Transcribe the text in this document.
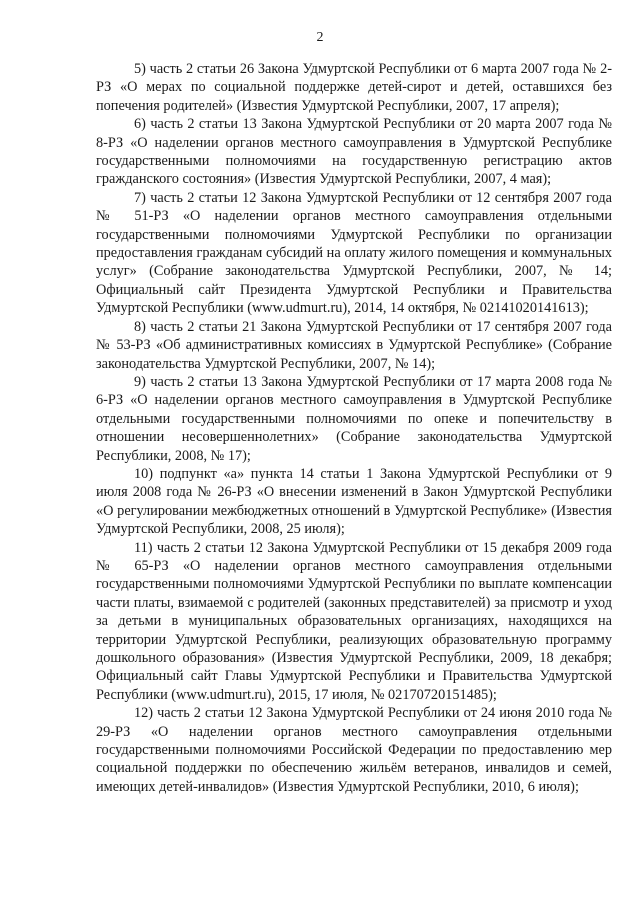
2

5) часть 2 статьи 26 Закона Удмуртской Республики от 6 марта 2007 года № 2-РЗ «О мерах по социальной поддержке детей-сирот и детей, оставшихся без попечения родителей» (Известия Удмуртской Республики, 2007, 17 апреля);

6) часть 2 статьи 13 Закона Удмуртской Республики от 20 марта 2007 года № 8-РЗ «О наделении органов местного самоуправления в Удмуртской Республике государственными полномочиями на государственную регистрацию актов гражданского состояния» (Известия Удмуртской Республики, 2007, 4 мая);

7) часть 2 статьи 12 Закона Удмуртской Республики от 12 сентября 2007 года № 51-РЗ «О наделении органов местного самоуправления отдельными государственными полномочиями Удмуртской Республики по организации предоставления гражданам субсидий на оплату жилого помещения и коммунальных услуг» (Собрание законодательства Удмуртской Республики, 2007, № 14; Официальный сайт Президента Удмуртской Республики и Правительства Удмуртской Республики (www.udmurt.ru), 2014, 14 октября, № 02141020141613);

8) часть 2 статьи 21 Закона Удмуртской Республики от 17 сентября 2007 года № 53-РЗ «Об административных комиссиях в Удмуртской Республике» (Собрание законодательства Удмуртской Республики, 2007, № 14);

9) часть 2 статьи 13 Закона Удмуртской Республики от 17 марта 2008 года № 6-РЗ «О наделении органов местного самоуправления в Удмуртской Республике отдельными государственными полномочиями по опеке и попечительству в отношении несовершеннолетних» (Собрание законодательства Удмуртской Республики, 2008, № 17);

10) подпункт «а» пункта 14 статьи 1 Закона Удмуртской Республики от 9 июля 2008 года № 26-РЗ «О внесении изменений в Закон Удмуртской Республики «О регулировании межбюджетных отношений в Удмуртской Республике» (Известия Удмуртской Республики, 2008, 25 июля);

11) часть 2 статьи 12 Закона Удмуртской Республики от 15 декабря 2009 года № 65-РЗ «О наделении органов местного самоуправления отдельными государственными полномочиями Удмуртской Республики по выплате компенсации части платы, взимаемой с родителей (законных представителей) за присмотр и уход за детьми в муниципальных образовательных организациях, находящихся на территории Удмуртской Республики, реализующих образовательную программу дошкольного образования» (Известия Удмуртской Республики, 2009, 18 декабря; Официальный сайт Главы Удмуртской Республики и Правительства Удмуртской Республики (www.udmurt.ru), 2015, 17 июля, № 02170720151485);

12) часть 2 статьи 12 Закона Удмуртской Республики от 24 июня 2010 года № 29-РЗ «О наделении органов местного самоуправления отдельными государственными полномочиями Российской Федерации по предоставлению мер социальной поддержки по обеспечению жильём ветеранов, инвалидов и семей, имеющих детей-инвалидов» (Известия Удмуртской Республики, 2010, 6 июля);
